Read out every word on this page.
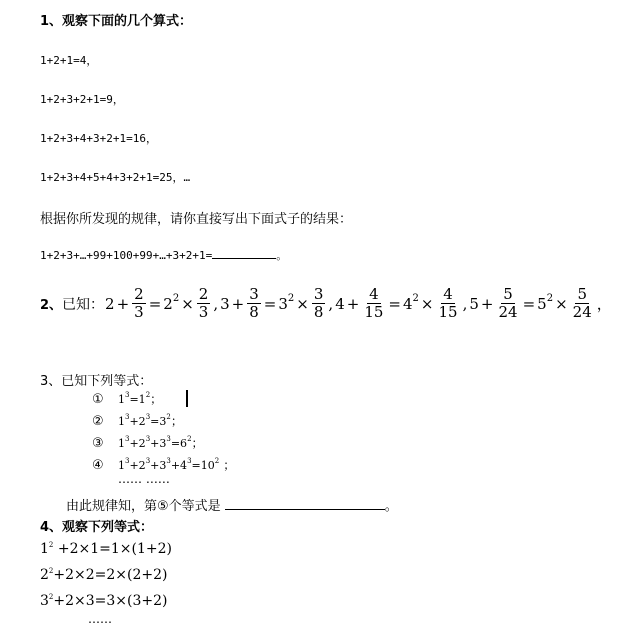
1、观察下面的几个算式：
1+2+1=4，
1+2+3+2+1=9，
1+2+3+4+3+2+1=16，
1+2+3+4+5+4+3+2+1=25，…
根据你所发现的规律，请你直接写出下面式子的结果：
1+2+3+…+99+100+99+…+3+2+1=	。
2、 已知： $2 + \frac{2}{3} = 2^2 \times \frac{2}{3}$ , $3 + \frac{3}{8} = 3^2 \times \frac{3}{8}$ , $4 + \frac{4}{15} = 4^2 \times \frac{4}{15}$ , $5 + \frac{5}{24} = 5^2 \times \frac{5}{24}$ ，
3、已知下列等式：
①	$1^3=1^2$ ；
②	$1^3+2^3=3^2$ ；
③	$1^3+2^3+3^3=6^2$ ；
④	$1^3+2^3+3^3+4^3=10^2$ ；
…… ……
由此规律知，第⑤个等式是	。
4、观察下列等式：
$1^2 +2\times 1=1\times(1+2)$
$2^2+2\times 2=2\times(2+2)$
$3^2+2\times 3=3\times(3+2)$
……
